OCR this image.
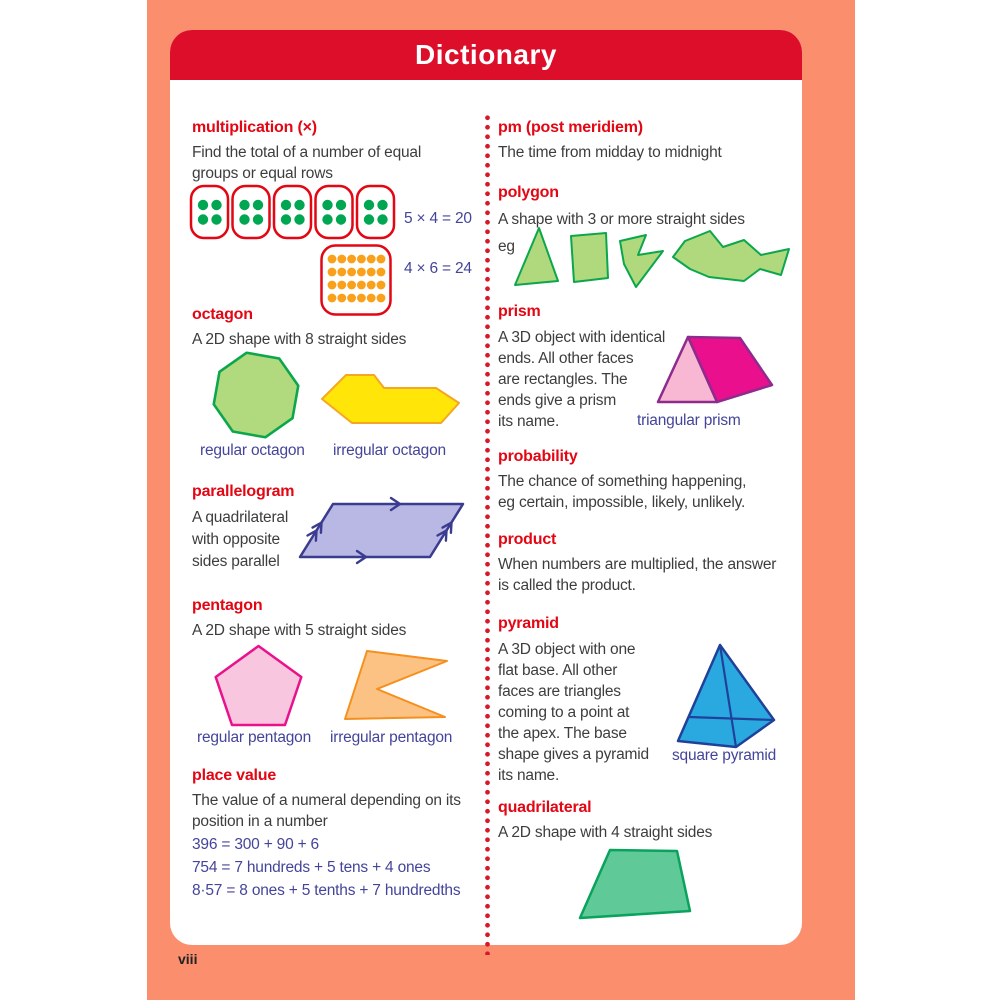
Dictionary
multiplication (×)
Find the total of a number of equal
groups or equal rows
5 × 4 = 20
4 × 6 = 24
octagon
A 2D shape with 8 straight sides
regular octagon irregular octagon
parallelogram
A quadrilateral
with opposite
sides parallel
pentagon
A 2D shape with 5 straight sides
regular pentagon irregular pentagon
place value
The value of a numeral depending on its
position in a number
396 = 300 + 90 + 6
754 = 7 hundreds + 5 tens + 4 ones
8·57 = 8 ones + 5 tenths + 7 hundredths
pm (post meridiem)
The time from midday to midnight
polygon
A shape with 3 or more straight sides
eg
prism
A 3D object with identical
ends. All other faces
are rectangles. The
ends give a prism
its name.	triangular prism
probability
The chance of something happening,
eg certain, impossible, likely, unlikely.
product
When numbers are multiplied, the answer
is called the product.
pyramid
A 3D object with one
flat base. All other
faces are triangles
coming to a point at
the apex. The base
shape gives a pyramid
its name.
square pyramid
quadrilateral
A 2D shape with 4 straight sides
viii
